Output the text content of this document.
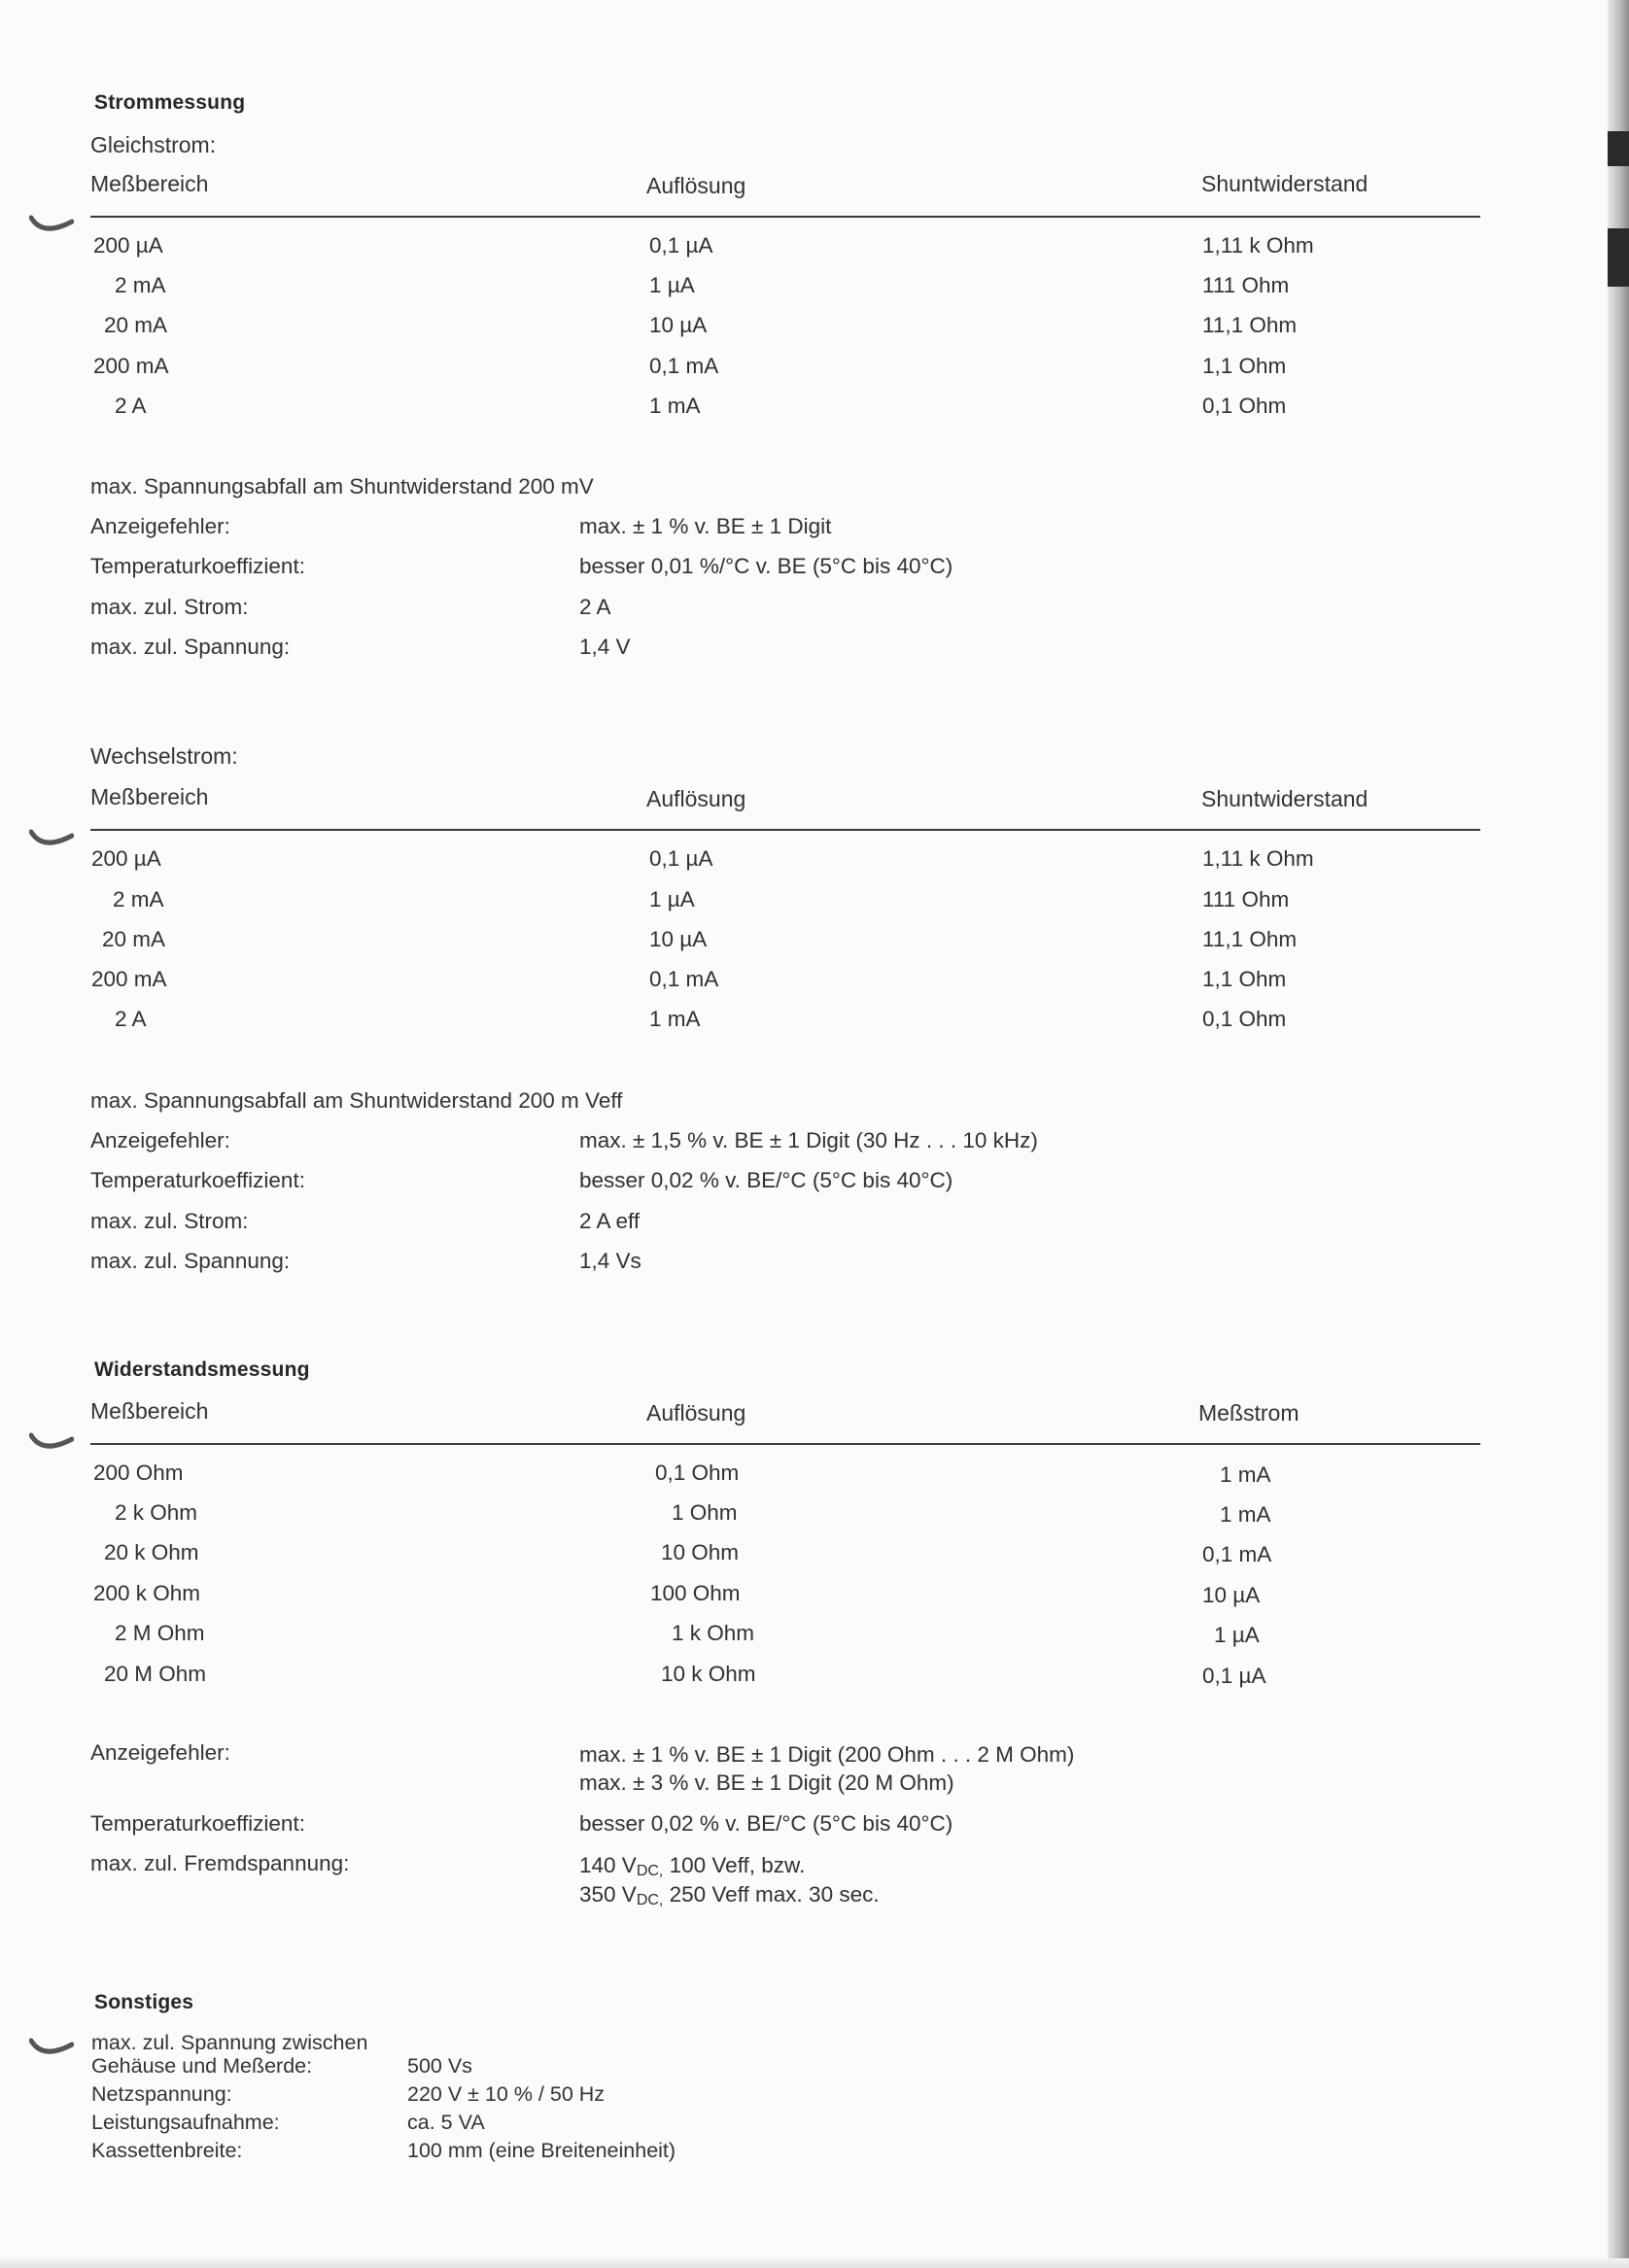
Strommessung
Gleichstrom:
Meßbereich	Auflösung	Shuntwiderstand
200 µA	0,1 µA	1,11 k Ohm
2 mA	1 µA	111 Ohm
20 mA	10 µA	11,1 Ohm
200 mA	0,1 mA	1,1 Ohm
2 A	1 mA	0,1 Ohm
max. Spannungsabfall am Shuntwiderstand 200 mV
Anzeigefehler:	max. ± 1 % v. BE ± 1 Digit
Temperaturkoeffizient:	besser 0,01 %/°C v. BE (5°C bis 40°C)
max. zul. Strom:	2 A
max. zul. Spannung:	1,4 V
Wechselstrom:
Meßbereich	Auflösung	Shuntwiderstand
200 µA	0,1 µA	1,11 k Ohm
2 mA	1 µA	111 Ohm
20 mA	10 µA	11,1 Ohm
200 mA	0,1 mA	1,1 Ohm
2 A	1 mA	0,1 Ohm
max. Spannungsabfall am Shuntwiderstand 200 m Veff
Anzeigefehler:	max. ± 1,5 % v. BE ± 1 Digit (30 Hz . . . 10 kHz)
Temperaturkoeffizient:	besser 0,02 % v. BE/°C (5°C bis 40°C)
max. zul. Strom:	2 A eff
max. zul. Spannung:	1,4 Vs
Widerstandsmessung
Meßbereich	Auflösung	Meßstrom
200 Ohm	0,1 Ohm	1 mA
2 k Ohm	1 Ohm	1 mA
20 k Ohm	10 Ohm	0,1 mA
200 k Ohm	100 Ohm	10 µA
2 M Ohm	1 k Ohm	1 µA
20 M Ohm	10 k Ohm	0,1 µA
Anzeigefehler:	max. ± 1 % v. BE ± 1 Digit (200 Ohm . . . 2 M Ohm)
max. ± 3 % v. BE ± 1 Digit (20 M Ohm)
Temperaturkoeffizient:	besser 0,02 % v. BE/°C (5°C bis 40°C)
max. zul. Fremdspannung:	140 $V_{DC,}$ 100 Veff, bzw.
350 $V_{DC,}$ 250 Veff max. 30 sec.
Sonstiges
max. zul. Spannung zwischen
Gehäuse und Meßerde:	500 Vs
Netzspannung:	220 V ± 10 % / 50 Hz
Leistungsaufnahme:	ca. 5 VA
Kassettenbreite:	100 mm (eine Breiteneinheit)
